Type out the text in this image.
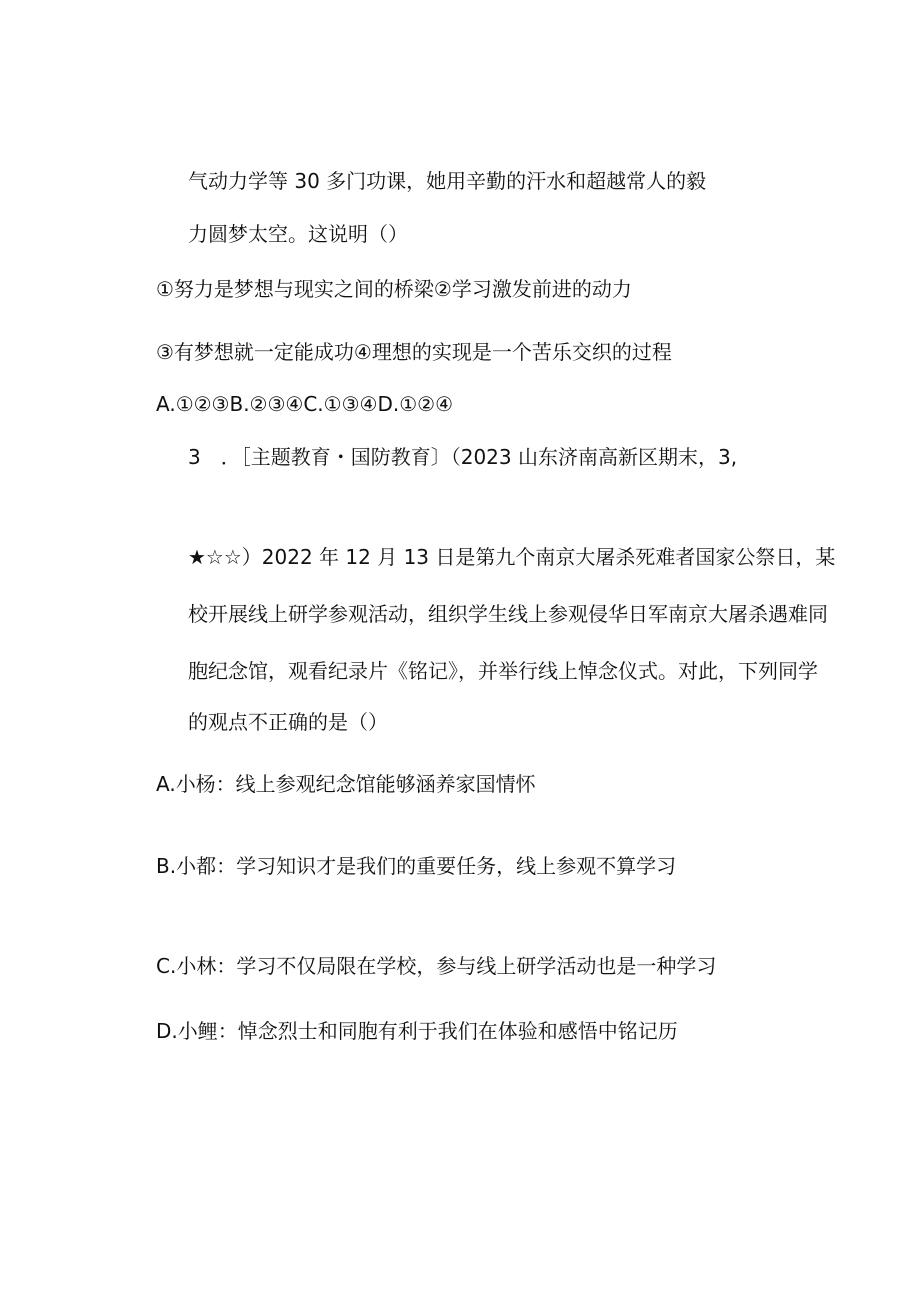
气动力学等 30 多门功课，她用辛勤的汗水和超越常人的毅
力圆梦太空。这说明（）
①努力是梦想与现实之间的桥梁②学习激发前进的动力
③有梦想就一定能成功④理想的实现是一个苦乐交织的过程
A.①②③B.②③④C.①③④D.①②④
3　．［主题教育・国防教育〕（2023 山东济南高新区期末，3,
★☆☆）2022 年 12 月 13 日是第九个南京大屠杀死难者国家公祭日，某
校开展线上研学参观活动，组织学生线上参观侵华日军南京大屠杀遇难同
胞纪念馆，观看纪录片《铭记》，并举行线上悼念仪式。对此，下列同学
的观点不正确的是（）
A.小杨：线上参观纪念馆能够涵养家国情怀
B.小都：学习知识才是我们的重要任务，线上参观不算学习
C.小林：学习不仅局限在学校，参与线上研学活动也是一种学习
D.小鲤：悼念烈士和同胞有利于我们在体验和感悟中铭记历
